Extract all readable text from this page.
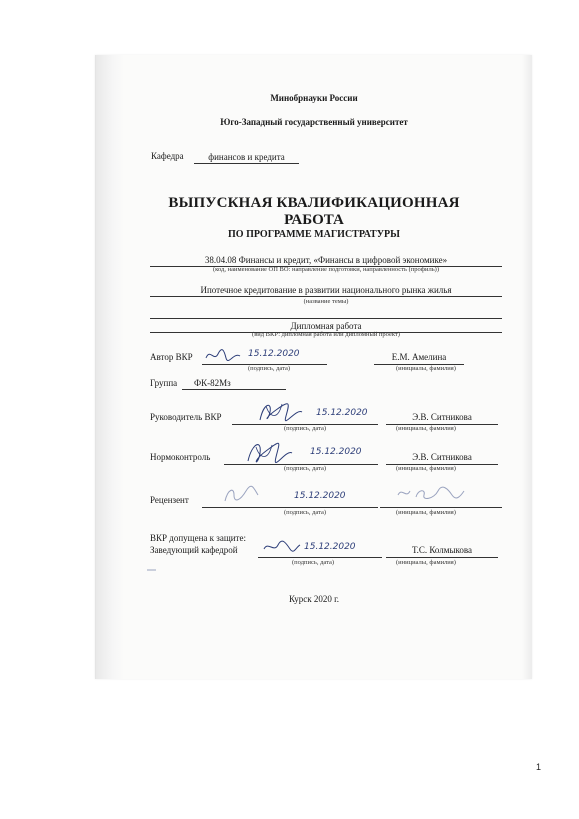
Минобрнауки России
Юго-Западный государственный университет
Кафедра	финансов и кредита
ВЫПУСКНАЯ КВАЛИФИКАЦИОННАЯ
РАБОТА
ПО ПРОГРАММЕ МАГИСТРАТУРЫ
38.04.08 Финансы и кредит, «Финансы в цифровой экономике»
(код, наименование ОП ВО: направление подготовки, направленность (профиль))
Ипотечное кредитование в развитии национального рынка жилья
(название темы)
Дипломная работа
(вид ВКР: дипломная работа или дипломный проект)
Автор ВКР	15.12.2020
(подпись, дата)
Е.М. Амелина
(инициалы, фамилия)
Группа	ФК-82Мз
Руководитель ВКР	15.12.2020
(подпись, дата)
Э.В. Ситникова
(инициалы, фамилия)
Нормоконтроль	15.12.2020
(подпись, дата)
Э.В. Ситникова
(инициалы, фамилия)
Рецензент	15.12.2020
(подпись, дата)	(инициалы, фамилия)
ВКР допущена к защите:
Заведующий кафедрой	15.12.2020
(подпись, дата)
Т.С. Колмыкова
(инициалы, фамилия)
Курск 2020 г.
1
